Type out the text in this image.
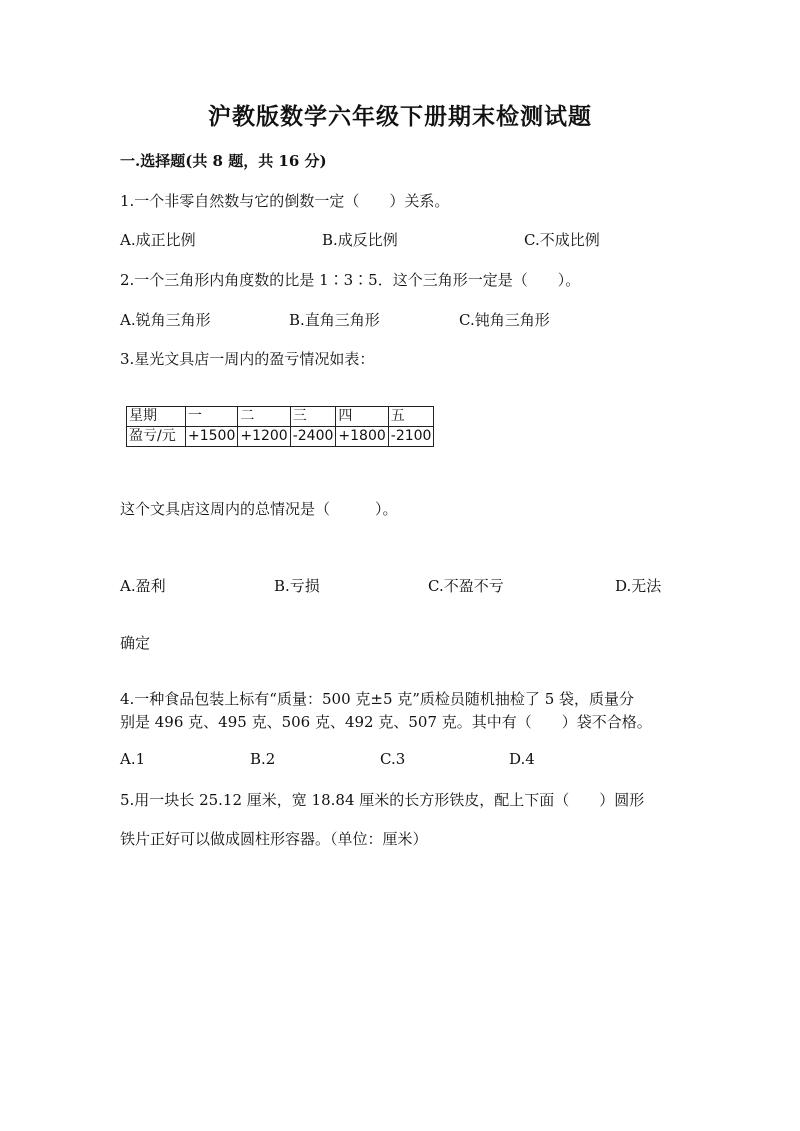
沪教版数学六年级下册期末检测试题
一.选择题(共 8 题，共 16 分)
1.一个非零自然数与它的倒数一定（　　）关系。
A.成正比例	B.成反比例	C.不成比例
2.一个三角形内角度数的比是 1∶3∶5．这个三角形一定是（　　）。
A.锐角三角形	B.直角三角形	C.钝角三角形
3.星光文具店一周内的盈亏情况如表：
星期	一	二	三	四	五
盈亏/元	+1500	+1200	-2400	+1800	-2100
这个文具店这周内的总情况是（　　　）。
A.盈利	B.亏损	C.不盈不亏	D.无法
确定
4.一种食品包装上标有“质量：500 克±5 克”质检员随机抽检了 5 袋，质量分
别是 496 克、495 克、506 克、492 克、507 克。其中有（　　）袋不合格。
A.1	B.2	C.3	D.4
5.用一块长 25.12 厘米，宽 18.84 厘米的长方形铁皮，配上下面（　　）圆形
铁片正好可以做成圆柱形容器。（单位：厘米）
